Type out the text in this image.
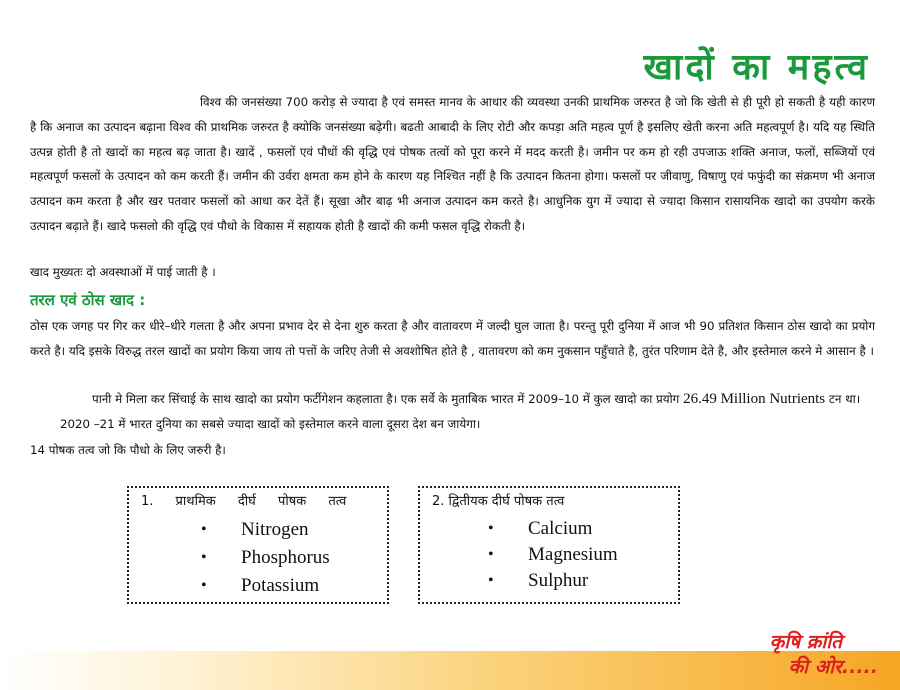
खादों का महत्व

विश्व की जनसंख्या 700 करोड़ से ज्यादा है एवं समस्त मानव के आधार की व्यवस्था उनकी प्राथमिक जरुरत है जो कि खेती से ही पूरी हो सकती है यही कारण है कि अनाज का उत्पादन बढ़ाना विश्व की प्राथमिक जरुरत है क्योकि जनसंख्या बढ़ेगी। बढती आबादी के लिए रोटी और कपड़ा अति महत्व पूर्ण है इसलिए खेती करना अति महत्वपूर्ण है। यदि यह स्थिति उत्पन्न होती है तो खादों का महत्व बढ़ जाता है। खादें , फसलों एवं पौधों की वृद्धि एवं पोषक तत्वों को पूरा करने में मदद करती है। जमीन पर कम हो रही उपजाऊ शक्ति अनाज, फलों, सब्जियों एवं महत्वपूर्ण फसलों के उत्पादन को कम करती हैं। जमीन की उर्वरा क्षमता कम होने के कारण यह निश्चित नहीं है कि उत्पादन कितना होगा। फसलों पर जीवाणु, विषाणु एवं फफुंदी का संक्रमण भी अनाज उत्पादन कम करता है और खर पतवार फसलों को आधा कर देतें हैं। सूखा और बाढ़ भी अनाज उत्पादन कम करते है। आधुनिक युग में ज्यादा से ज्यादा किसान रासायनिक खादो का उपयोग करके उत्पादन बढ़ाते हैं। खादे फसलो की वृद्धि एवं पौधो के विकास में सहायक होती है खादों की कमी फसल वृद्धि रोकती है।

खाद मुख्यतः दो अवस्थाओं में पाई जाती है ।

तरल एवं ठोस खाद :

ठोस एक जगह पर गिर कर धीरे–धीरे गलता है और अपना प्रभाव देर से देना शुरु करता है और वातावरण में जल्दी घुल जाता है। परन्तु पूरी दुनिया में आज भी 90 प्रतिशत किसान ठोस खादो का प्रयोग करते है। यदि इसके विरुद्ध तरल खादों का प्रयोग किया जाय तो पत्तों के जरिए तेजी से अवशोषित होते है , वातावरण को कम नुकसान पहुँचाते है, तुरंत परिणाम देते है, और इस्तेमाल करने मे आसान है ।

पानी मे मिला कर सिंचाई के साथ खादो का प्रयोग फर्टीगेशन कहलाता है। एक सर्वे के मुताबिक भारत में 2009–10 में कुल खादो का प्रयोग 26.49 Million Nutrients टन था।2020 –21 में भारत दुनिया का सबसे ज्यादा खादों को इस्तेमाल करने वाला दूसरा देश बन जायेगा।

14 पोषक तत्व जो कि पौधो के लिए जरुरी है।

1. प्राथमिक दीर्घ पोषक तत्व

• Nitrogen
• Phosphorus
• Potassium

2. द्वितीयक दीर्घ पोषक तत्व

• Calcium
• Magnesium
• Sulphur
कृषि क्रांति
की ओर.....
